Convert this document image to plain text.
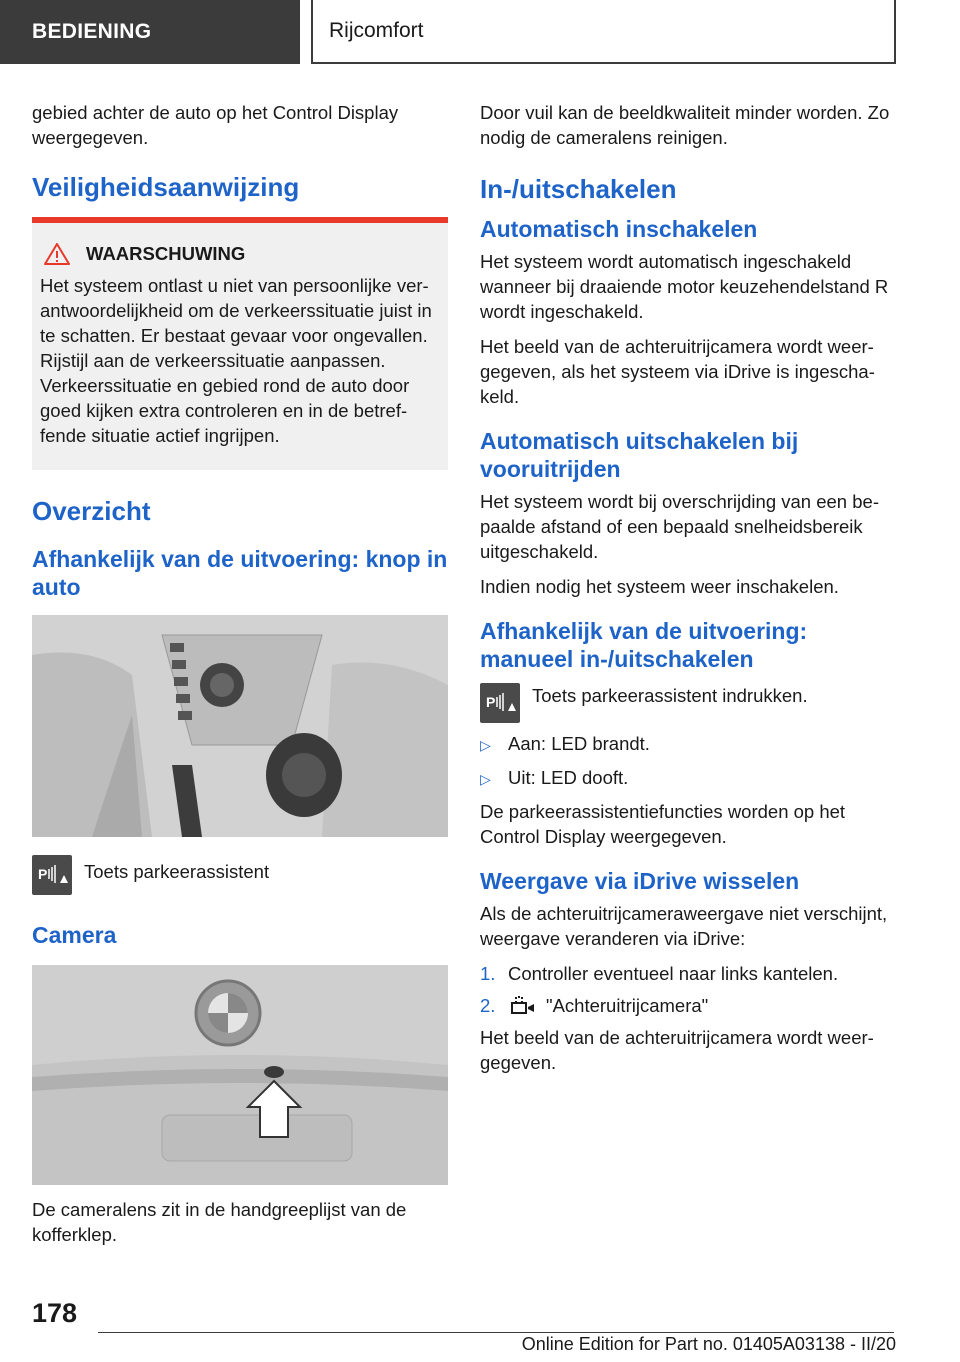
BEDIENING	Rijcomfort

gebied achter de auto op het Control Display weergegeven.

Veiligheidsaanwijzing
WAARSCHUWING

Het systeem ontlast u niet van persoonlijke verantwoordelijkheid om de verkeerssituatie juist in te schatten. Er bestaat gevaar voor ongevallen. Rijstijl aan de verkeerssituatie aanpassen. Verkeerssituatie en gebied rond de auto door goed kijken extra controleren en in de betreffende situatie actief ingrijpen.

Overzicht
Afhankelijk van de uitvoering: knop in auto
P Toets parkeerassistent
Camera

De cameralens zit in de handgreeplijst van de kofferklep.

Door vuil kan de beeldkwaliteit minder worden. Zo nodig de cameralens reinigen.

In-/uitschakelen
Automatisch inschakelen

Het systeem wordt automatisch ingeschakeld wanneer bij draaiende motor keuzehendelstand R wordt ingeschakeld.

Het beeld van de achteruitrijcamera wordt weergegeven, als het systeem via iDrive is ingeschakeld.

Automatisch uitschakelen bij vooruitrijden

Het systeem wordt bij overschrijding van een bepaalde afstand of een bepaald snelheidsbereik uitgeschakeld.

Indien nodig het systeem weer inschakelen.

Afhankelijk van de uitvoering: manueel in-/uitschakelen
P Toets parkeerassistent indrukken.
▷ Aan: LED brandt.
▷ Uit: LED dooft.

De parkeerassistentiefuncties worden op het Control Display weergegeven.

Weergave via iDrive wisselen

Als de achteruitrijcameraweergave niet verschijnt, weergave veranderen via iDrive:

1. Controller eventueel naar links kantelen.
2.	"Achteruitrijcamera"

Het beeld van de achteruitrijcamera wordt weergegeven.

178
Online Edition for Part no. 01405A03138 - II/20
